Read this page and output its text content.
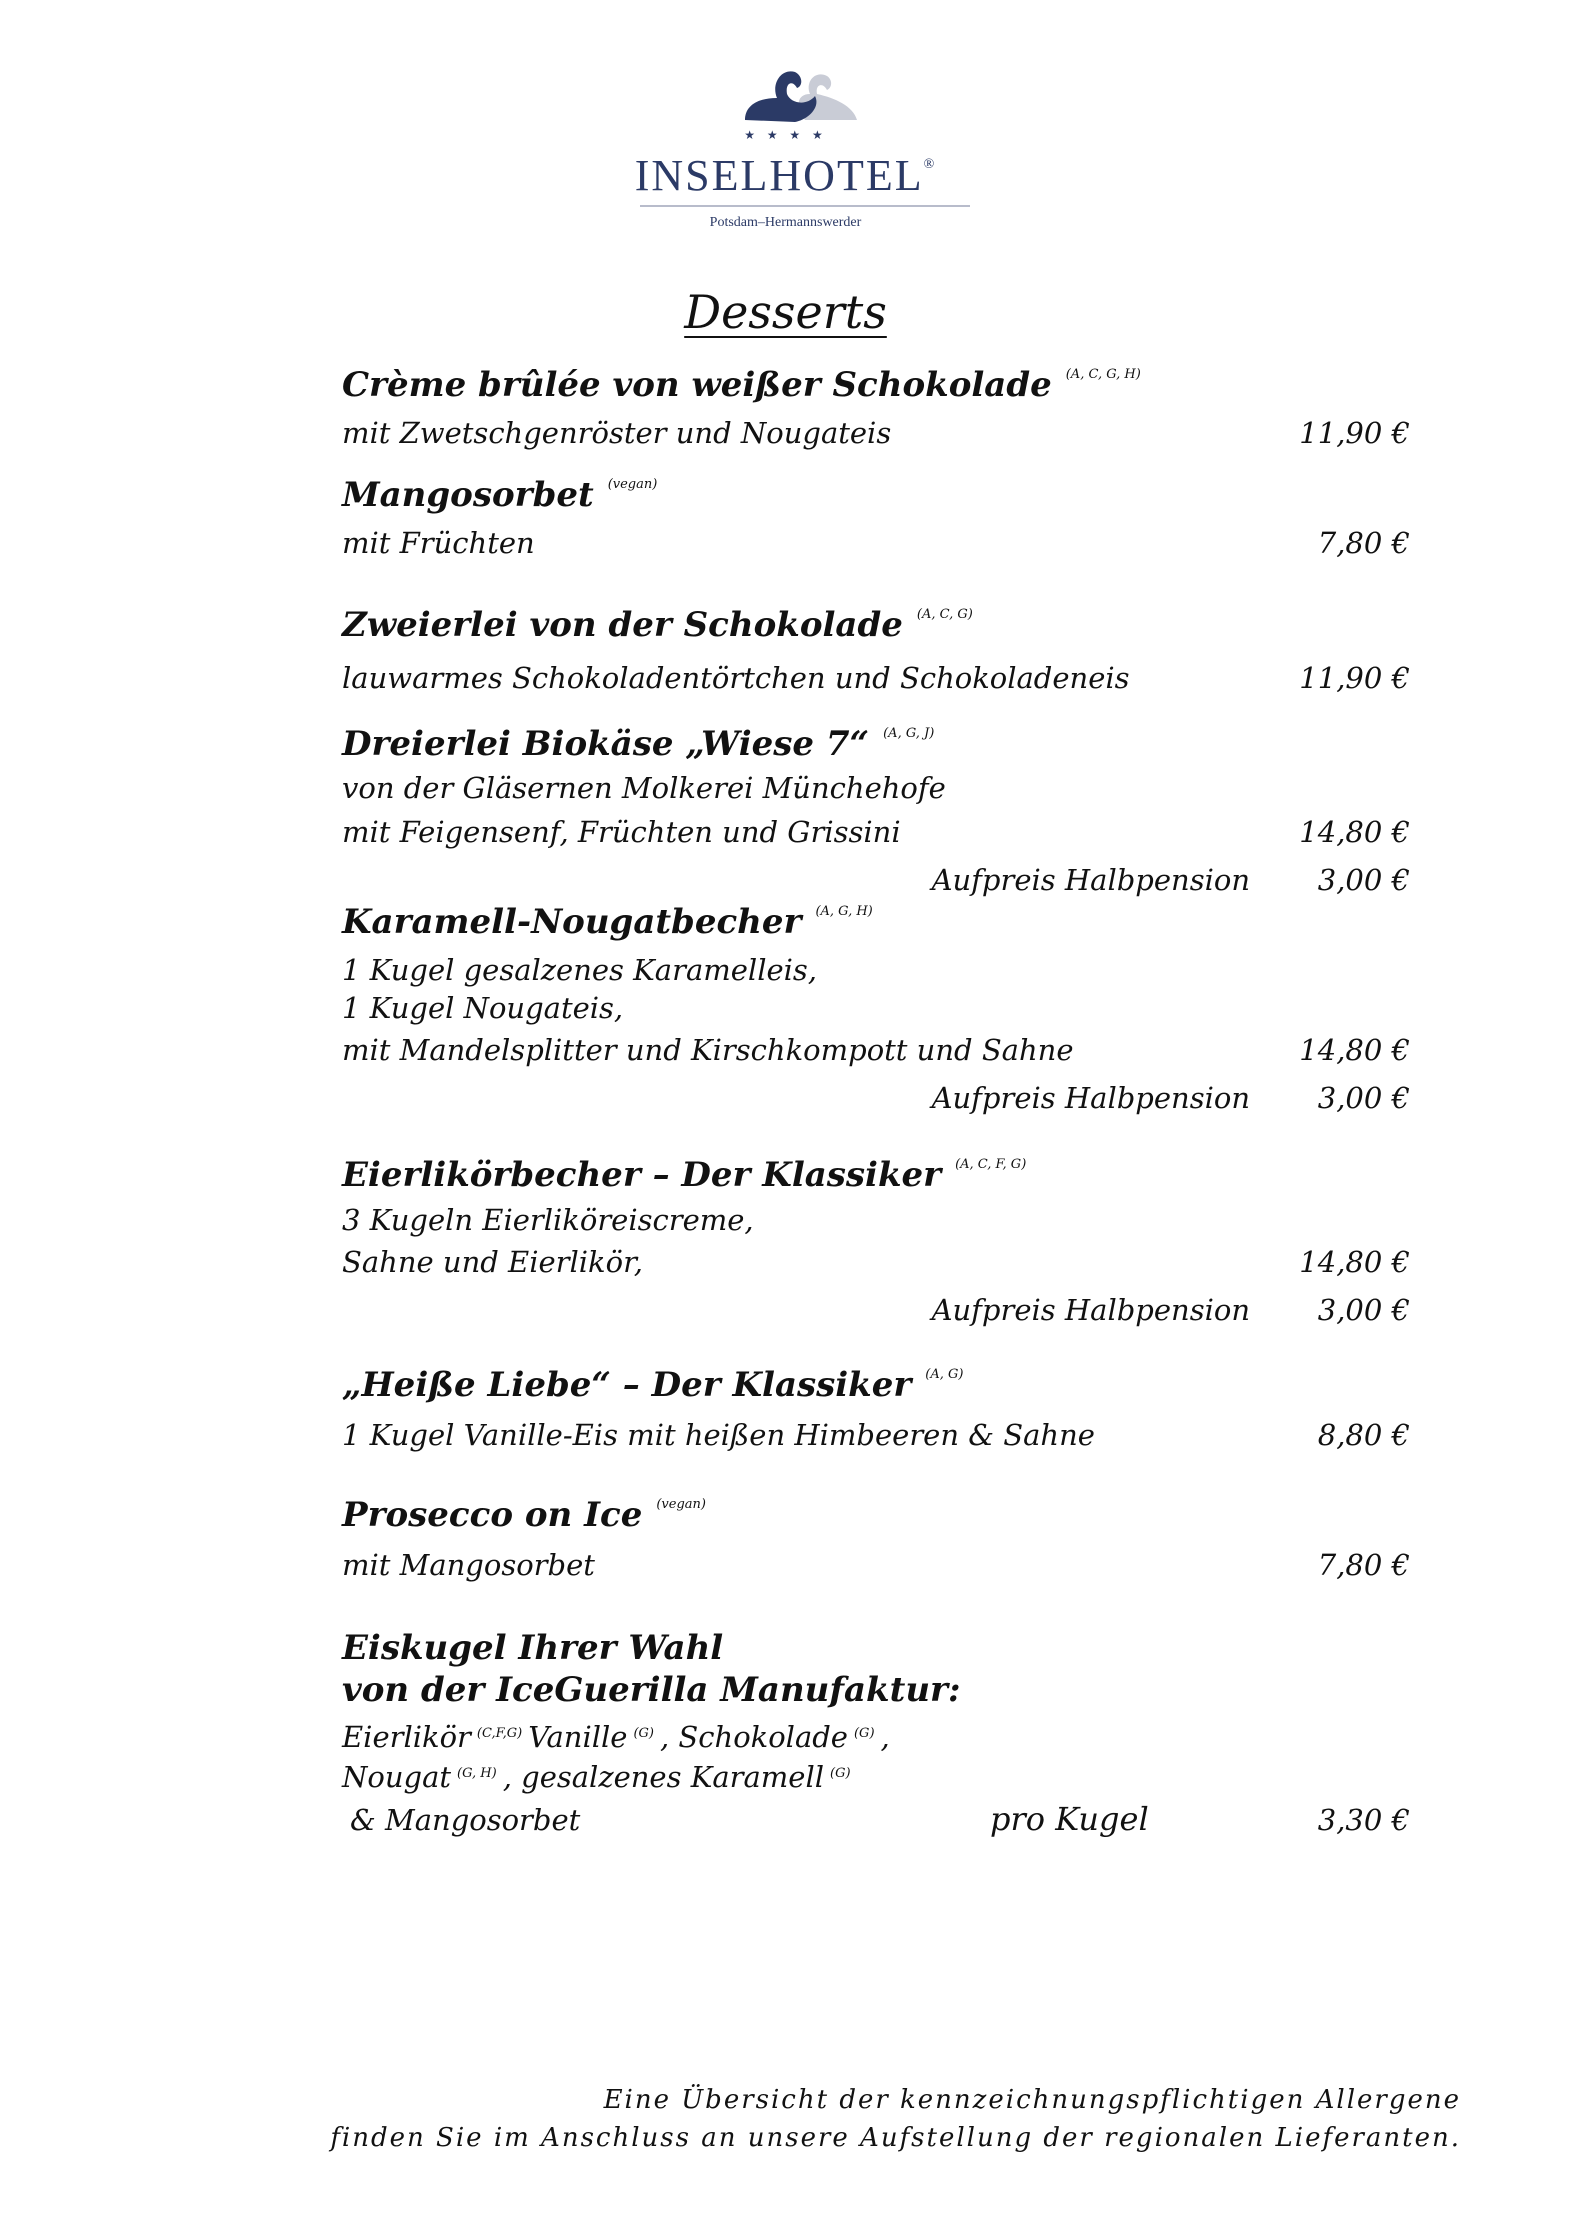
★ ★ ★ ★
INSELHOTEL®
Potsdam–Hermannswerder
Desserts
Crème brûlée von weißer Schokolade $^{(A, C, G, H)}$
mit Zwetschgenröster und Nougateis	11,90 €
Mangosorbet $^{(vegan)}$
mit Früchten	7,80 €
Zweierlei von der Schokolade $^{(A, C, G)}$
lauwarmes Schokoladentörtchen und Schokoladeneis	11,90 €
Dreierlei Biokäse „Wiese 7“ $^{(A, G, J)}$
von der Gläsernen Molkerei Münchehofe
mit Feigensenf, Früchten und Grissini	14,80 €
Aufpreis Halbpension	3,00 €
Karamell-Nougatbecher $^{(A, G, H)}$
1 Kugel gesalzenes Karamelleis,
1 Kugel Nougateis,
mit Mandelsplitter und Kirschkompott und Sahne	14,80 €
Aufpreis Halbpension	3,00 €
Eierlikörbecher – Der Klassiker $^{(A, C, F, G)}$
3 Kugeln Eierliköreiscreme,
Sahne und Eierlikör,	14,80 €
Aufpreis Halbpension	3,00 €
„Heiße Liebe“ – Der Klassiker $^{(A, G)}$
1 Kugel Vanille-Eis mit heißen Himbeeren & Sahne	8,80 €
Prosecco on Ice $^{(vegan)}$
mit Mangosorbet	7,80 €
Eiskugel Ihrer Wahl
von der IceGuerilla Manufaktur:
Eierlikör $^{(C,F,G)}$ Vanille $^{(G)}$ , Schokolade $^{(G)}$ ,
Nougat $^{(G, H)}$ , gesalzenes Karamell $^{(G)}$
& Mangosorbet	pro Kugel	3,30 €
Eine Übersicht der kennzeichnungspflichtigen Allergene
finden Sie im Anschluss an unsere Aufstellung der regionalen Lieferanten.
